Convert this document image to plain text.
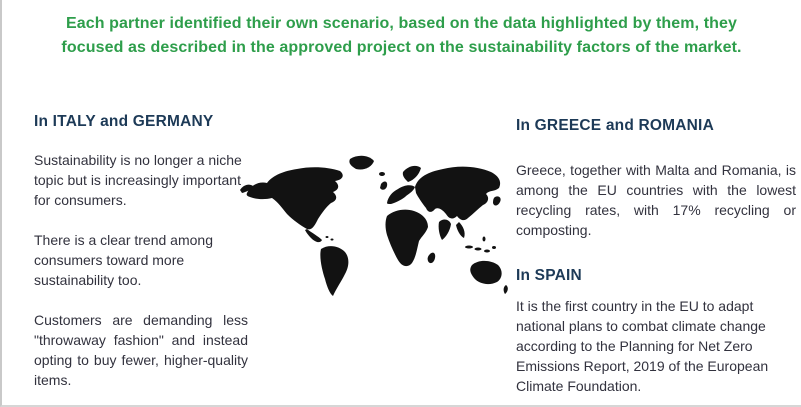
Each partner identified their own scenario, based on the data highlighted by them, they focused as described in the approved project on the sustainability factors of the market.

In ITALY and GERMANY

Sustainability is no longer a niche topic but is increasingly important for consumers.

There is a clear trend among consumers toward more sustainability too.

Customers are demanding less "throwaway fashion" and instead opting to buy fewer, higher-quality items.

In GREECE and ROMANIA

Greece, together with Malta and Romania, is among the EU countries with the lowest recycling rates, with 17% recycling or composting.

In SPAIN

It is the first country in the EU to adapt national plans to combat climate change according to the Planning for Net Zero Emissions Report, 2019 of the European Climate Foundation.
